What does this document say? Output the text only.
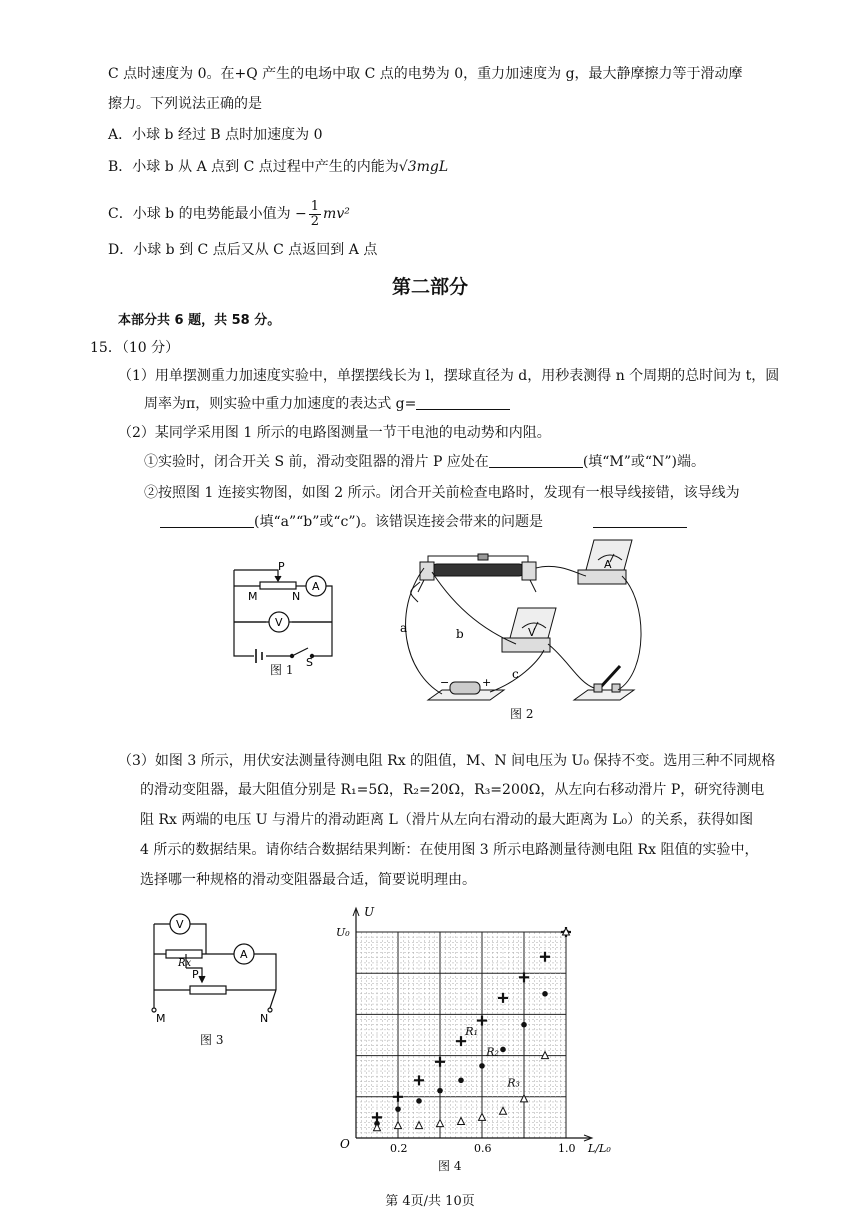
C 点时速度为 0。在+Q 产生的电场中取 C 点的电势为 0，重力加速度为 g，最大静摩擦力等于滑动摩
擦力。下列说法正确的是
A．小球 b 经过 B 点时加速度为 0
B．小球 b 从 A 点到 C 点过程中产生的内能为√3mgL
C．小球 b 的电势能最小值为 − $\frac{1}{2} mv^2$
D．小球 b 到 C 点后又从 C 点返回到 A 点
第二部分
本部分共 6 题，共 58 分。
15．（10 分）
（1）用单摆测重力加速度实验中，单摆摆线长为 l，摆球直径为 d，用秒表测得 n 个周期的总时间为 t，圆
周率为π，则实验中重力加速度的表达式 g=
（2）某同学采用图 1 所示的电路图测量一节干电池的电动势和内阻。
①实验时，闭合开关 S 前，滑动变阻器的滑片 P 应处在	(填“M”或“N”)端。
②按照图 1 连接实物图，如图 2 所示。闭合开关前检查电路时，发现有一根导线接错，该导线为
(填“a”“b”或“c”)。该错误连接会带来的问题是
P
M	N
A
V
S
图 1
a	b
c
A
V
−	+
图 2
（3）如图 3 所示，用伏安法测量待测电阻 Rx 的阻值，M、N 间电压为 U₀ 保持不变。选用三种不同规格
的滑动变阻器，最大阻值分别是 R₁=5Ω，R₂=20Ω，R₃=200Ω，从左向右移动滑片 P，研究待测电
阻 Rx 两端的电压 U 与滑片的滑动距离 L（滑片从左向右滑动的最大距离为 L₀）的关系，获得如图
4 所示的数据结果。请你结合数据结果判断：在使用图 3 所示电路测量待测电阻 Rx 阻值的实验中，
选择哪一种规格的滑动变阻器最合适，简要说明理由。
V
A
Rx
P
M	N
图 3
0.2	0.6	1.0
R₁
R₂
R₃
U
U₀
O	L/L₀
图 4
第 4页/共 10页
